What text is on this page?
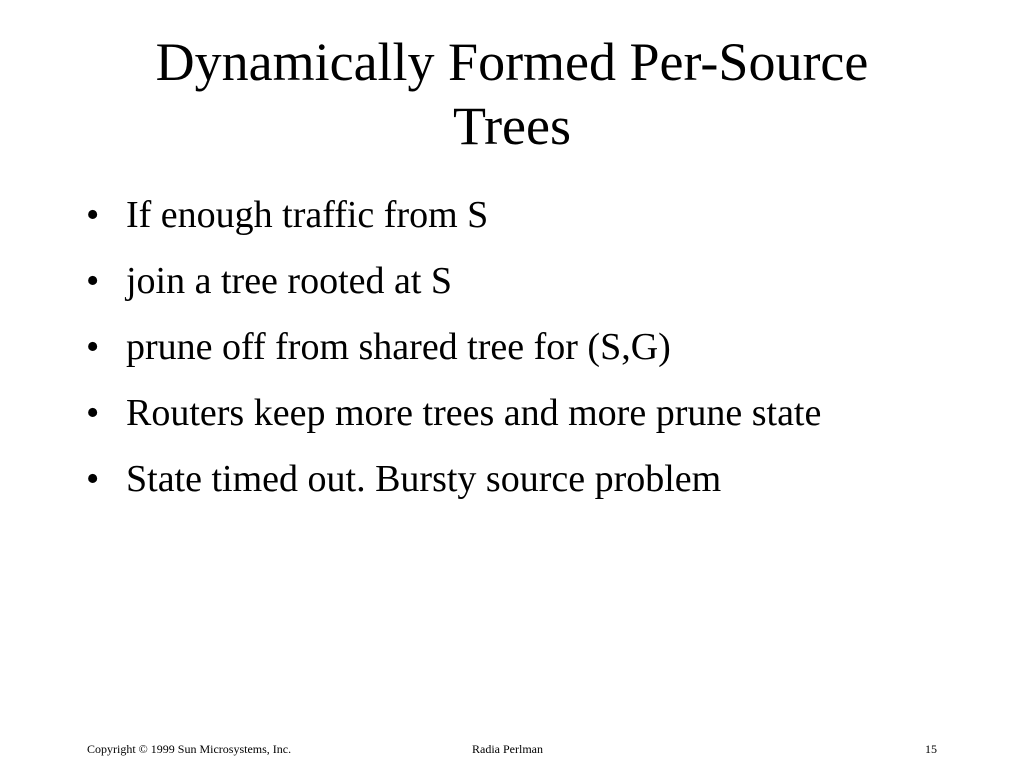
Dynamically Formed Per-Source
Trees
• If enough traffic from S
• join a tree rooted at S
• prune off from shared tree for (S,G)
• Routers keep more trees and more prune state
• State timed out. Bursty source problem
Copyright © 1999 Sun Microsystems, Inc.	Radia Perlman	15
